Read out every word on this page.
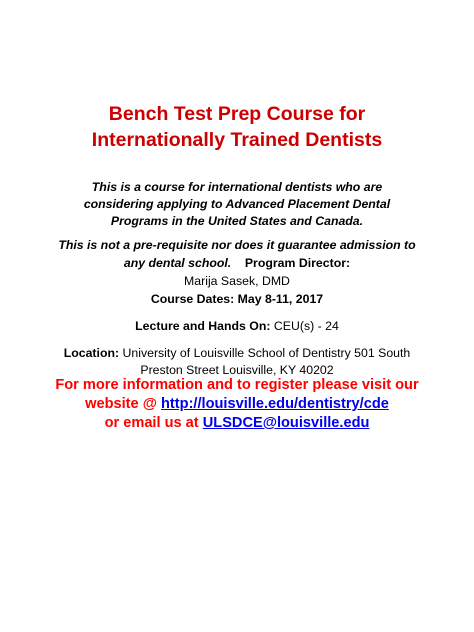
Bench Test Prep Course for
Internationally Trained Dentists
This is a course for international dentists who are
considering applying to Advanced Placement Dental
Programs in the United States and Canada.
This is not a pre-requisite nor does it guarantee admission to
any dental school. Program Director:
Marija Sasek, DMD
Course Dates: May 8-11, 2017
Lecture and Hands On: CEU(s) - 24
Location: University of Louisville School of Dentistry 501 South
Preston Street Louisville, KY 40202
For more information and to register please visit our
website @ http://louisville.edu/dentistry/cde
or email us at ULSDCE@louisville.edu
